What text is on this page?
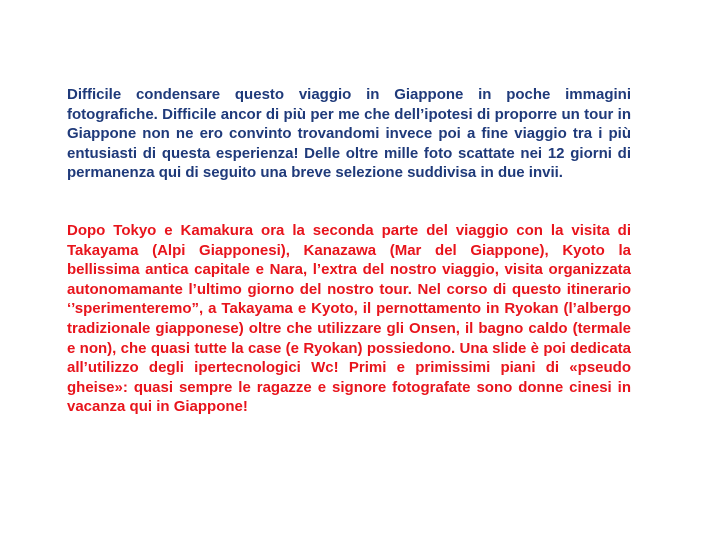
Difficile condensare questo viaggio in Giappone in poche immagini fotografiche. Difficile ancor di più per me che dell’ipotesi di proporre un tour in Giappone non ne ero convinto trovandomi invece poi a fine viaggio tra i più entusiasti di questa esperienza! Delle oltre mille foto scattate nei 12 giorni di permanenza qui di seguito una breve selezione suddivisa in due invii.

Dopo Tokyo e Kamakura ora la seconda parte del viaggio con la visita di Takayama (Alpi Giapponesi), Kanazawa (Mar del Giappone), Kyoto la bellissima antica capitale e Nara, l’extra del nostro viaggio, visita organizzata autonomamante l’ultimo giorno del nostro tour. Nel corso di questo itinerario ‘’sperimenteremo”, a Takayama e Kyoto, il pernottamento in Ryokan (l’albergo tradizionale giapponese) oltre che utilizzare gli Onsen, il bagno caldo (termale e non), che quasi tutte la case (e Ryokan) possiedono. Una slide è poi dedicata all’utilizzo degli ipertecnologici Wc! Primi e primissimi piani di «pseudo gheise»: quasi sempre le ragazze e signore fotografate sono donne cinesi in vacanza qui in Giappone!
